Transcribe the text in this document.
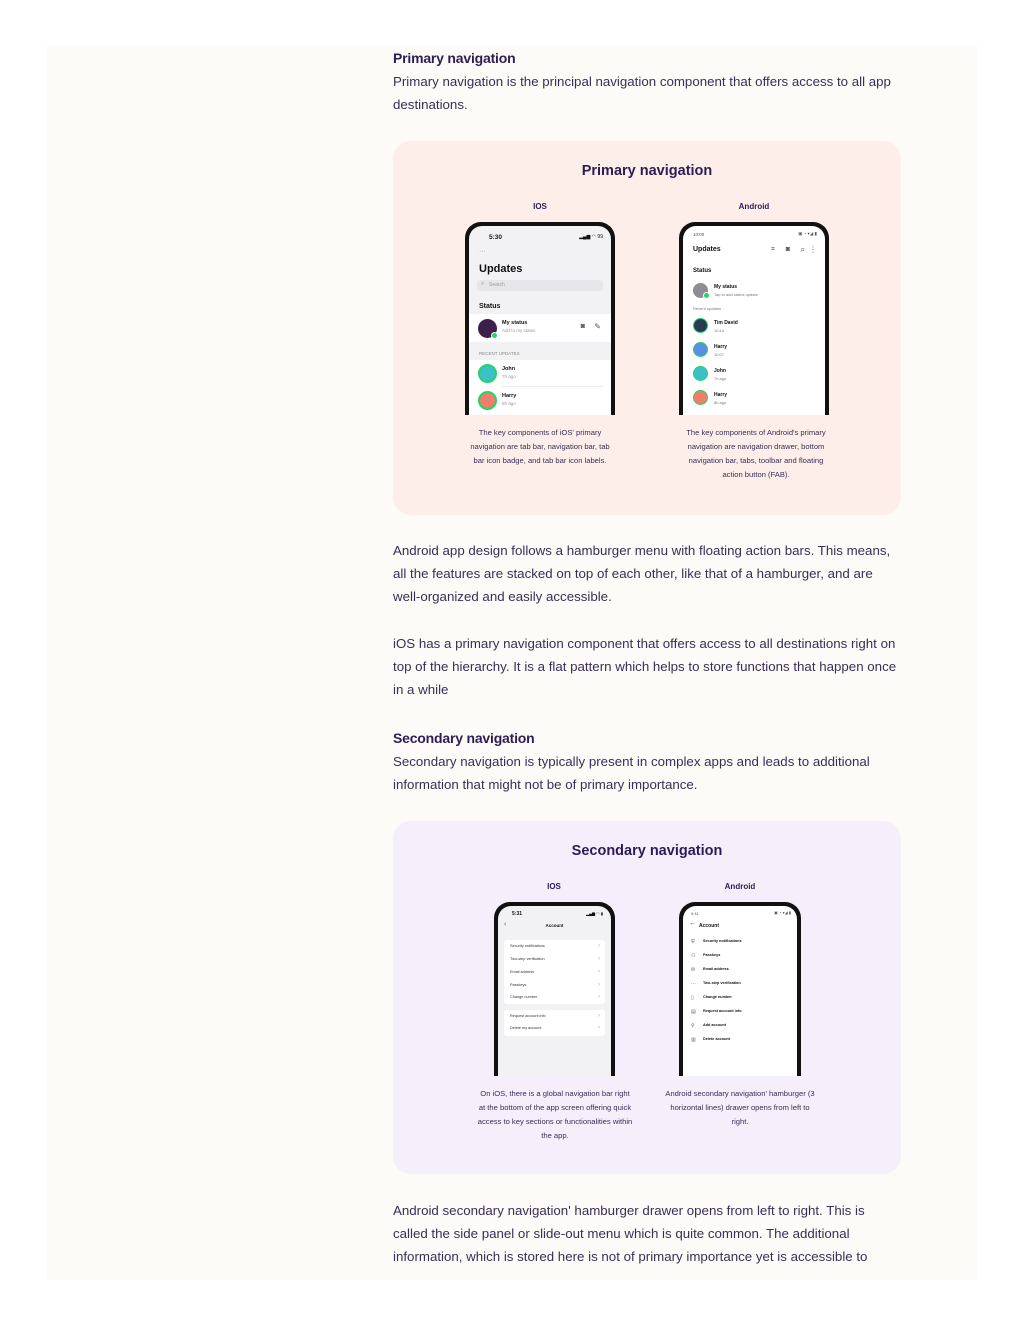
Primary navigation
Primary navigation is the principal navigation component that offers access to all app destinations.
Primary navigation
IOS	Android
5:30	▂▄▆ ◠ 99
···
Updates
⌕ Search
Status
My status
Add to my status
◙ ✎
RECENT UPDATES
John
7h ago
Harry
8h ago
10:00	▣ ◔ ▾◢ ▮
Updates	⌗ ◙ ⌕ ⋮
Status
My status
Tap to add status update
Recent updates
Tim David
10:14
Harry
10:07
John
7h ago
Harry
8h ago
The key components of iOS' primary navigation are tab bar, navigation bar, tab bar icon badge, and tab bar icon labels.
The key components of Android's primary navigation are navigation drawer, bottom navigation bar, tabs, toolbar and floating action button (FAB).
Android app design follows a hamburger menu with floating action bars. This means, all the features are stacked on top of each other, like that of a hamburger, and are well-organized and easily accessible.
iOS has a primary navigation component that offers access to all destinations right on top of the hierarchy. It is a flat pattern which helps to store functions that happen once in a while
Secondary navigation
Secondary navigation is typically present in complex apps and leads to additional information that might not be of primary importance.
Secondary navigation
IOS	Android
5:31	▂▄▆ ◠ ▮
‹	Account
Security notifications	›
Two-step verification	›
Email address	›
Passkeys	›
Change number	›
Request account info	›
Delete my account	›
9:41	▣ ◔ ▾◢ ▮
← Account
⛨ Security notifications
⚇ Passkeys
✉ Email address
⋯ Two-step verification
▯ Change number
▤ Request account info
⚲ Add account
▥ Delete account
On iOS, there is a global navigation bar right at the bottom of the app screen offering quick access to key sections or functionalities within the app.
Android secondary navigation' hamburger (3 horizontal lines) drawer opens from left to right.
Android secondary navigation' hamburger drawer opens from left to right. This is called the side panel or slide-out menu which is quite common. The additional information, which is stored here is not of primary importance yet is accessible to
